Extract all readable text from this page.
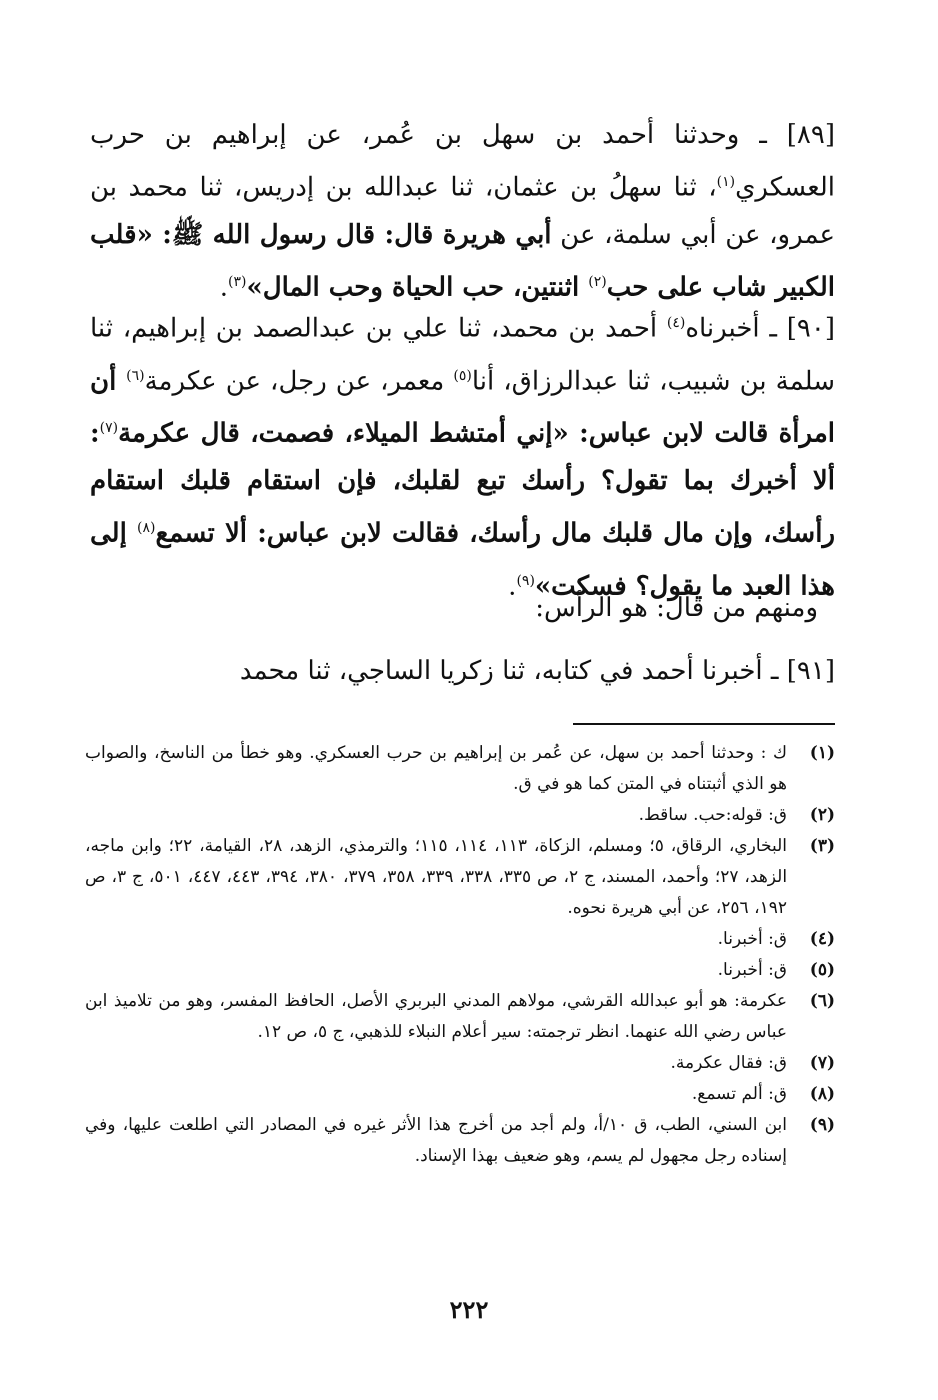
[٨٩] ـ وحدثنا أحمد بن سهل بن عُمر، عن إبراهيم بن حرب العسكري$^{(١)}$، ثنا سهلُ بن عثمان، ثنا عبدالله بن إدريس، ثنا محمد بن عمرو، عن أبي سلمة، عن أبي هريرة قال: قال رسول الله ﷺ: «قلب الكبير شاب على حب$^{(٢)}$ اثنتين، حب الحياة وحب المال»$^{(٣)}$.

[٩٠] ـ أخبرناه$^{(٤)}$ أحمد بن محمد، ثنا علي بن عبدالصمد بن إبراهيم، ثنا سلمة بن شبيب، ثنا عبدالرزاق، أنا$^{(٥)}$ معمر، عن رجل، عن عكرمة$^{(٦)}$ أن امرأة قالت لابن عباس: «إني أمتشط الميلاء، فصمت، قال عكرمة$^{(٧)}$: ألا أخبرك بما تقول؟ رأسك تبع لقلبك، فإن استقام قلبك استقام رأسك، وإن مال قلبك مال رأسك، فقالت لابن عباس: ألا تسمع$^{(٨)}$ إلى هذا العبد ما يقول؟ فسكت»$^{(٩)}$.

ومنهم من قال: هو الرأس:

[٩١] ـ أخبرنا أحمد في كتابه، ثنا زكريا الساجي، ثنا محمد

(١)
ك : وحدثنا أحمد بن سهل، عن عُمر بن إبراهيم بن حرب العسكري. وهو خطأ من الناسخ، والصواب هو الذي أثبتناه في المتن كما هو في ق.
(٢)
ق: قوله:حب. ساقط.
(٣)
البخاري، الرقاق، ٥؛ ومسلم، الزكاة، ١١٣، ١١٤، ١١٥؛ والترمذي، الزهد، ٢٨، القيامة، ٢٢؛ وابن ماجه، الزهد، ٢٧؛ وأحمد، المسند، ج ٢، ص ٣٣٥، ٣٣٨، ٣٣٩، ٣٥٨، ٣٧٩، ٣٨٠، ٣٩٤، ٤٤٣، ٤٤٧، ٥٠١، ج ٣، ص ١٩٢، ٢٥٦، عن أبي هريرة نحوه.
(٤)
ق: أخبرنا.
(٥)
ق: أخبرنا.
(٦)
عكرمة: هو أبو عبدالله القرشي، مولاهم المدني البربري الأصل، الحافظ المفسر، وهو من تلاميذ ابن عباس رضي الله عنهما. انظر ترجمته: سير أعلام النبلاء للذهبي، ج ٥، ص ١٢.
(٧)
ق: فقال عكرمة.
(٨)
ق: ألم تسمع.
(٩)
ابن السني، الطب، ق ١٠/أ، ولم أجد من أخرج هذا الأثر غيره في المصادر التي اطلعت عليها، وفي إسناده رجل مجهول لم يسم، وهو ضعيف بهذا الإسناد.
٢٢٢
